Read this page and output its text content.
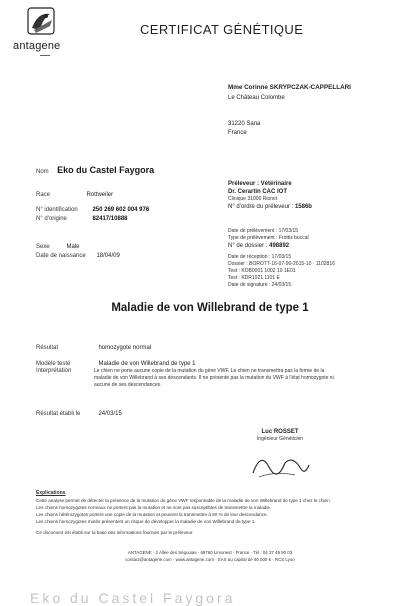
antagene
CERTIFICAT GÉNÉTIQUE
Mme Corinne SKRYPCZAK-CAPPELLARI
Le Château Colombe
31220 Sana
France
Nom Eko du Castel Faygora
Race	Rottweiler
N° identification 250 269 602 004 976
N° d'origine	82417/10888
Sexe	Male
Date de naissance 18/04/09
Préleveur : Vétérinaire
Dr. Cerartin CAC IOT
Clinique 31000 Rionet
N° d'ordre du préleveur : 1586b
Date de prélèvement : 17/03/15
Type de prélèvement : Frottis buccal
N° de dossier : 498892
Date de réception : 17/03/15
Dossier : BOROTT-16-07-90-2015-10 · 1102816
Test : KOB0001 1002 10 1E01
Test : KDR1021 1101 E
Date de signature : 24/03/15
Maladie de von Willebrand de type 1
Résultat	homozygote normal
Modèle testé	Maladie de von Willebrand de type 1
Interprétation	Le chien ne porte aucune copie de la mutation du gène VWF. Le chien ne transmettra pas la forme de la
maladie de von Willebrand à ses descendants. Il ne présente pas la mutation du VWF à l'état homozygote ni
aucune de ses descendances.
Résultat établi le	24/03/15
Luc ROSSET
Ingénieur Généticien
Explications
Cette analyse permet de détecter la présence de la mutation du gène VWF responsable de la maladie de von Willebrand de type 1 chez le chien.
Les chiens homozygotes normaux ne portent pas la mutation et ne sont pas susceptibles de transmettre la maladie.
Les chiens hétérozygotes portent une copie de la mutation et peuvent la transmettre à 50 % de leur descendance.
Les chiens homozygotes mutés présentent un risque de développer la maladie de von Willebrand de type 1.
Ce document est établi sur la base des informations fournies par le préleveur.
ANTAGENE · 2 Allée des Séquoias · 69760 Limonest · France · Tél : 04 37 49 90 03
contact@antagene.com · www.antagene.com · SAS au capital de 40 000 € · RCS Lyon
Eko du Castel Faygora
